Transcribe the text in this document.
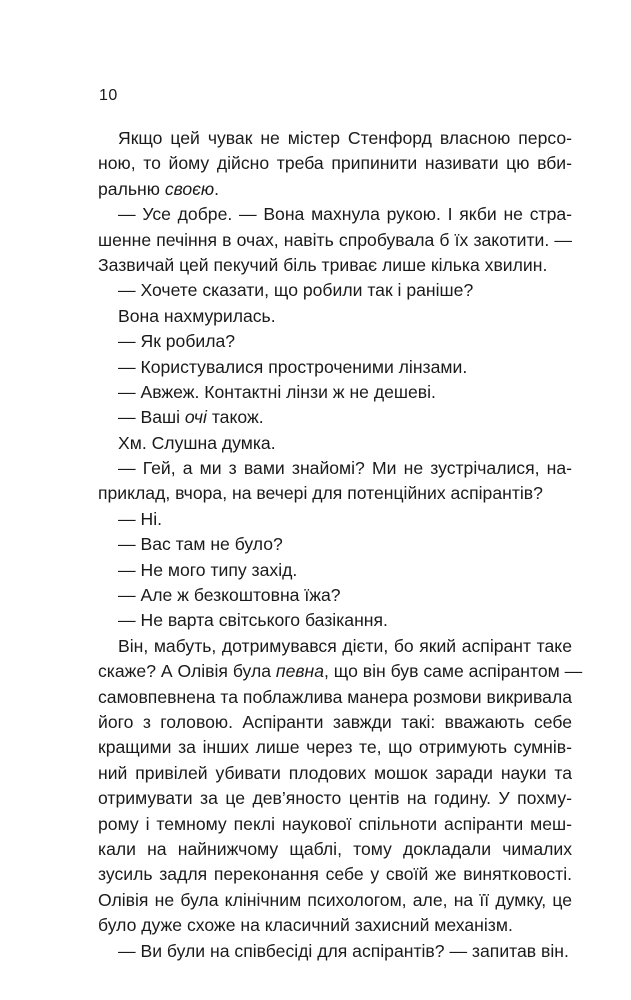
10
Якщо цей чувак не містер Стенфорд власною персо-
ною, то йому дійсно треба припинити називати цю вби-
ральню своєю.
— Усе добре. — Вона махнула рукою. І якби не стра-
шенне печіння в очах, навіть спробувала б їх закотити. —
Зазвичай цей пекучий біль триває лише кілька хвилин.
— Хочете сказати, що робили так і раніше?
Вона нахмурилась.
— Як робила?
— Користувалися простроченими лінзами.
— Авжеж. Контактні лінзи ж не дешеві.
— Ваші очі також.
Хм. Слушна думка.
— Гей, а ми з вами знайомі? Ми не зустрічалися, на-
приклад, вчора, на вечері для потенційних аспірантів?
— Ні.
— Вас там не було?
— Не мого типу захід.
— Але ж безкоштовна їжа?
— Не варта світського базікання.
Він, мабуть, дотримувався дієти, бо який аспірант таке
скаже? А Олівія була певна, що він був саме аспірантом —
самовпевнена та поблажлива манера розмови викривала
його з головою. Аспіранти завжди такі: вважають себе
кращими за інших лише через те, що отримують сумнів-
ний привілей убивати плодових мошок заради науки та
отримувати за це дев’яносто центів на годину. У похму-
рому і темному пеклі наукової спільноти аспіранти меш-
кали на найнижчому щаблі, тому докладали чималих
зусиль задля переконання себе у своїй же винятковості.
Олівія не була клінічним психологом, але, на її думку, це
було дуже схоже на класичний захисний механізм.
— Ви були на співбесіді для аспірантів? — запитав він.
